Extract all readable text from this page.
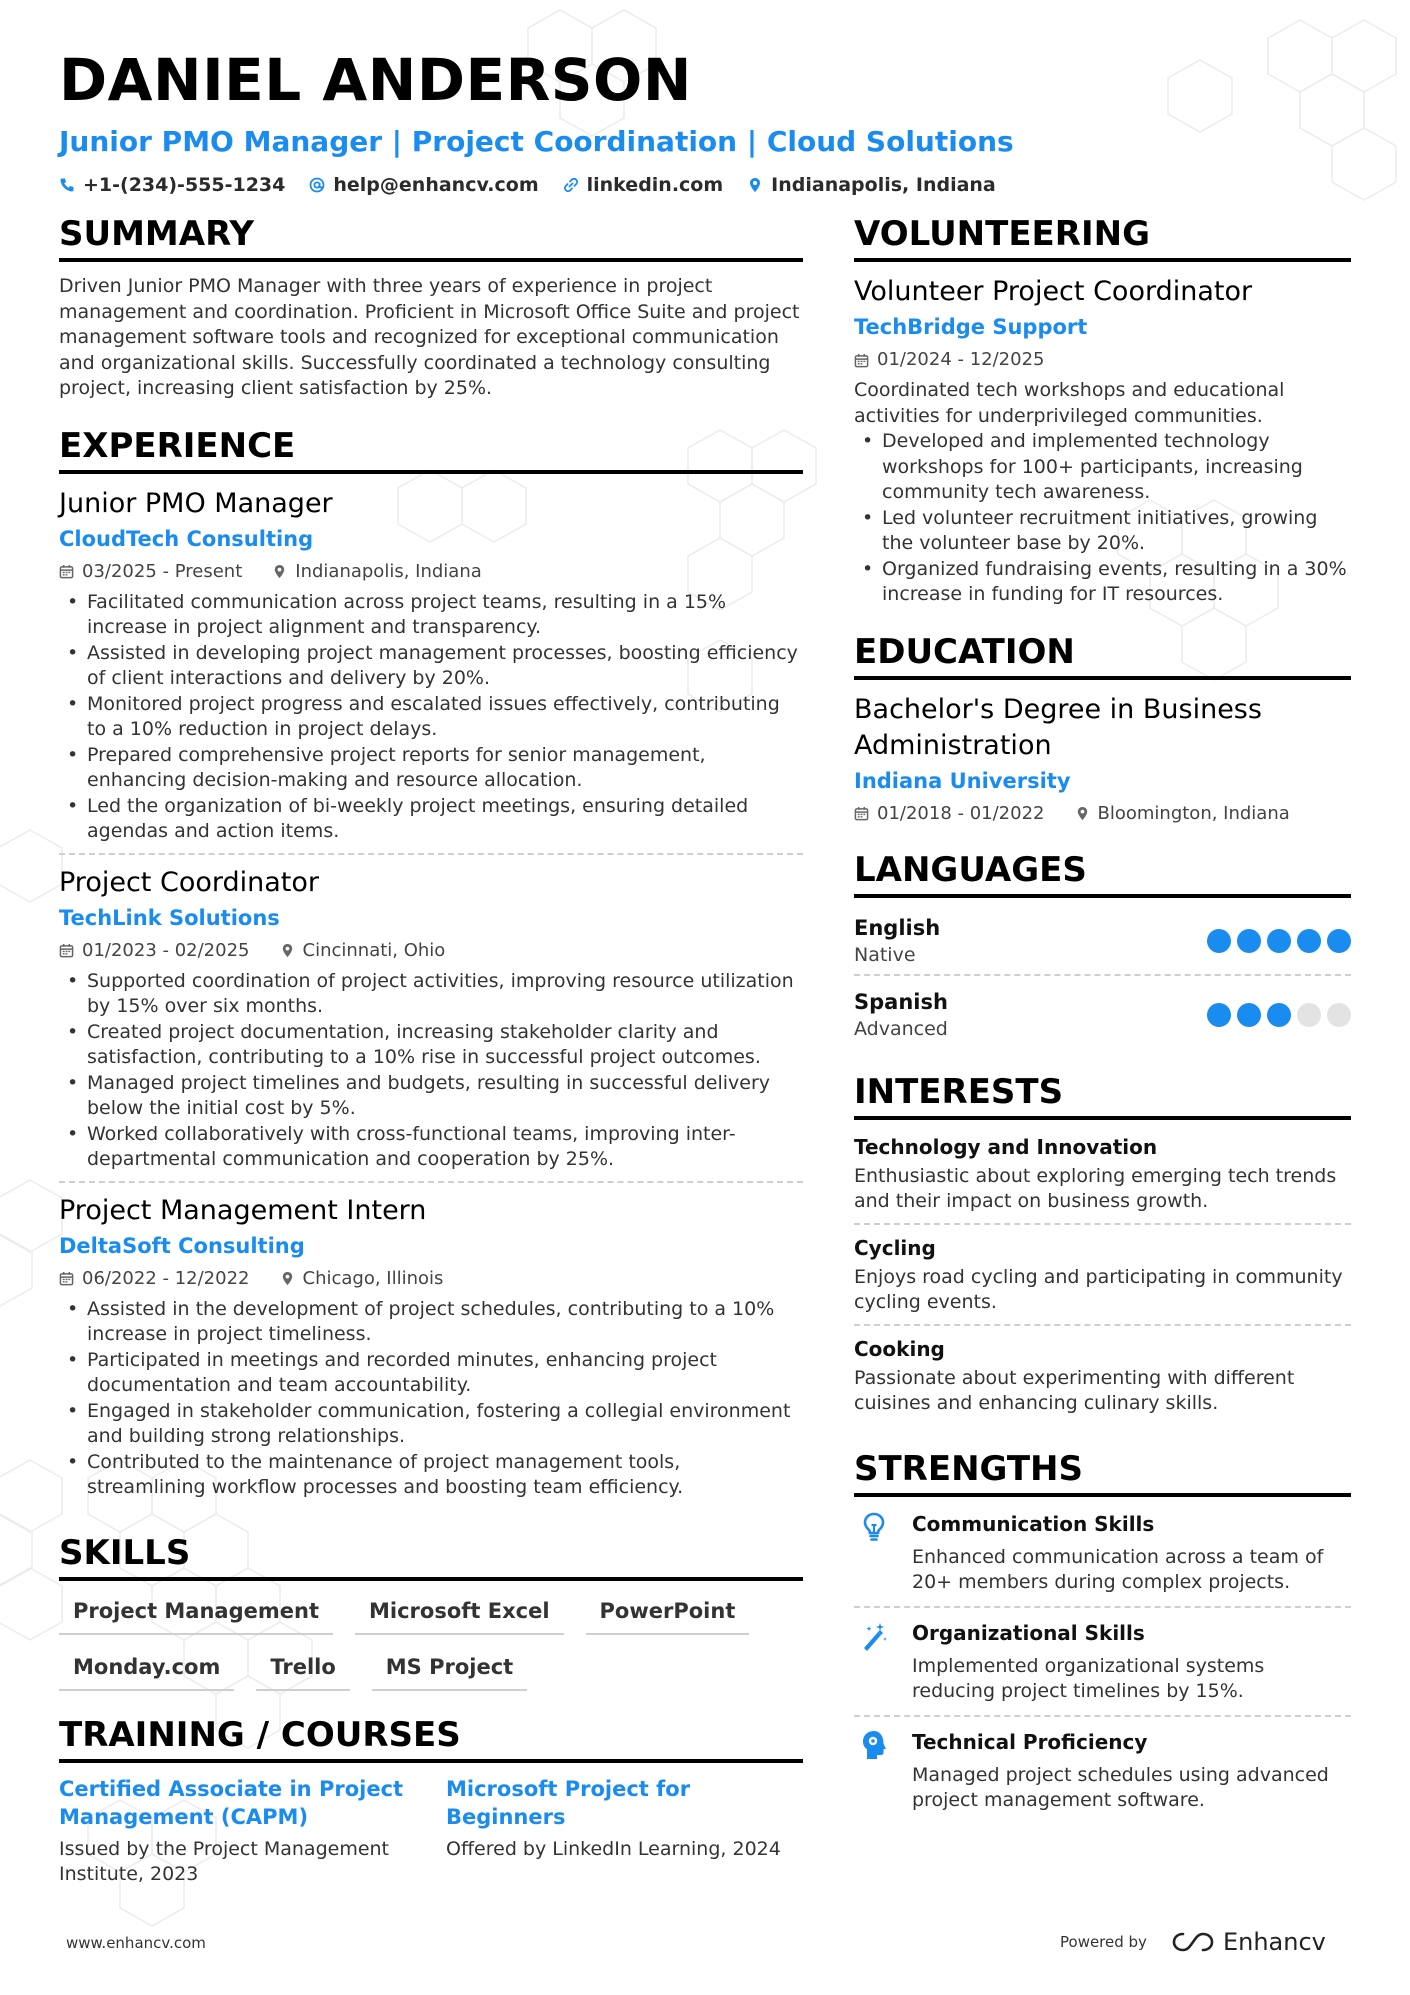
DANIEL ANDERSON
Junior PMO Manager | Project Coordination | Cloud Solutions
+1-(234)-555-1234	help@enhancv.com	linkedin.com	Indianapolis, Indiana
SUMMARY
Driven Junior PMO Manager with three years of experience in project management and coordination. Proficient in Microsoft Office Suite and project management software tools and recognized for exceptional communication and organizational skills. Successfully coordinated a technology consulting project, increasing client satisfaction by 25%.
EXPERIENCE
Junior PMO Manager
CloudTech Consulting
03/2025 - Present	Indianapolis, Indiana
• Facilitated communication across project teams, resulting in a 15% increase in project alignment and transparency.
• Assisted in developing project management processes, boosting efficiency of client interactions and delivery by 20%.
• Monitored project progress and escalated issues effectively, contributing to a 10% reduction in project delays.
• Prepared comprehensive project reports for senior management, enhancing decision-making and resource allocation.
• Led the organization of bi-weekly project meetings, ensuring detailed agendas and action items.
Project Coordinator
TechLink Solutions
01/2023 - 02/2025	Cincinnati, Ohio
• Supported coordination of project activities, improving resource utilization by 15% over six months.
• Created project documentation, increasing stakeholder clarity and satisfaction, contributing to a 10% rise in successful project outcomes.
• Managed project timelines and budgets, resulting in successful delivery below the initial cost by 5%.
• Worked collaboratively with cross-functional teams, improving inter-departmental communication and cooperation by 25%.
Project Management Intern
DeltaSoft Consulting
06/2022 - 12/2022	Chicago, Illinois
• Assisted in the development of project schedules, contributing to a 10% increase in project timeliness.
• Participated in meetings and recorded minutes, enhancing project documentation and team accountability.
• Engaged in stakeholder communication, fostering a collegial environment and building strong relationships.
• Contributed to the maintenance of project management tools, streamlining workflow processes and boosting team efficiency.
SKILLS
Project Management	Microsoft Excel	PowerPoint
Monday.com	Trello	MS Project
TRAINING / COURSES
Certified Associate in Project Management (CAPM)
Issued by the Project Management Institute, 2023
Microsoft Project for Beginners
Offered by LinkedIn Learning, 2024
VOLUNTEERING
Volunteer Project Coordinator
TechBridge Support
01/2024 - 12/2025
Coordinated tech workshops and educational activities for underprivileged communities.
• Developed and implemented technology workshops for 100+ participants, increasing community tech awareness.
• Led volunteer recruitment initiatives, growing the volunteer base by 20%.
• Organized fundraising events, resulting in a 30% increase in funding for IT resources.
EDUCATION
Bachelor's Degree in Business Administration
Indiana University
01/2018 - 01/2022	Bloomington, Indiana
LANGUAGES
English
Native
Spanish
Advanced
INTERESTS
Technology and Innovation
Enthusiastic about exploring emerging tech trends and their impact on business growth.
Cycling
Enjoys road cycling and participating in community cycling events.
Cooking
Passionate about experimenting with different cuisines and enhancing culinary skills.
STRENGTHS
Communication Skills
Enhanced communication across a team of 20+ members during complex projects.
Organizational Skills
Implemented organizational systems reducing project timelines by 15%.
Technical Proficiency
Managed project schedules using advanced project management software.
www.enhancv.com	Powered by	Enhancv
